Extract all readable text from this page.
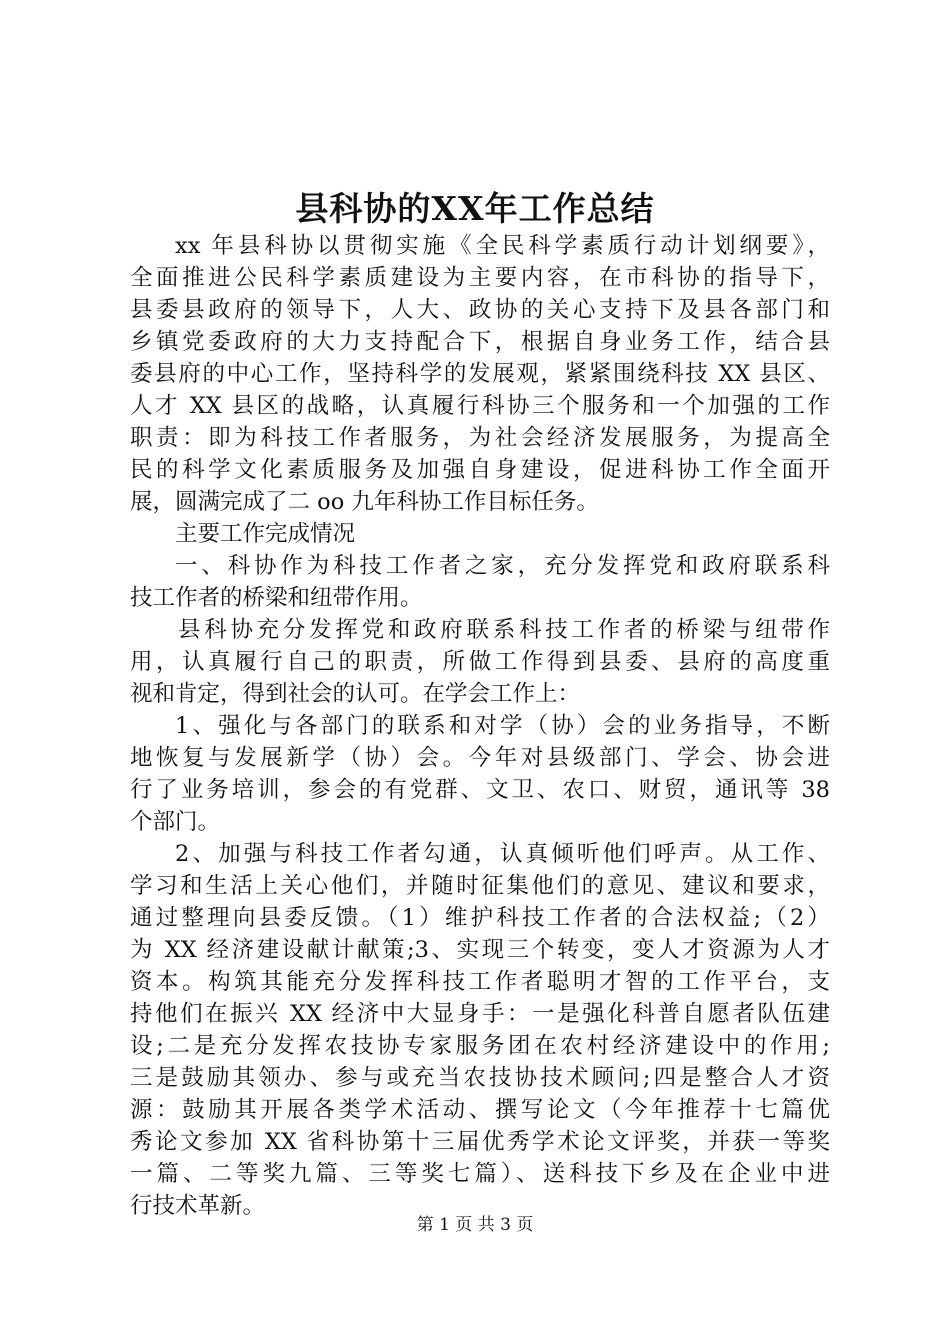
县科协的XX年工作总结
xx 年县科协以贯彻实施《全民科学素质行动计划纲要》，
全面推进公民科学素质建设为主要内容，在市科协的指导下，
县委县政府的领导下，人大、政协的关心支持下及县各部门和
乡镇党委政府的大力支持配合下，根据自身业务工作，结合县
委县府的中心工作，坚持科学的发展观，紧紧围绕科技 XX 县区、
人才 XX 县区的战略，认真履行科协三个服务和一个加强的工作
职责：即为科技工作者服务，为社会经济发展服务，为提高全
民的科学文化素质服务及加强自身建设，促进科协工作全面开
展，圆满完成了二 oo 九年科协工作目标任务。
主要工作完成情况
一、科协作为科技工作者之家，充分发挥党和政府联系科
技工作者的桥梁和纽带作用。
县科协充分发挥党和政府联系科技工作者的桥梁与纽带作
用，认真履行自己的职责，所做工作得到县委、县府的高度重
视和肯定，得到社会的认可。在学会工作上：
1、强化与各部门的联系和对学（协）会的业务指导，不断
地恢复与发展新学（协）会。今年对县级部门、学会、协会进
行了业务培训，参会的有党群、文卫、农口、财贸，通讯等 38
个部门。
2、加强与科技工作者勾通，认真倾听他们呼声。从工作、
学习和生活上关心他们，并随时征集他们的意见、建议和要求，
通过整理向县委反馈。（1）维护科技工作者的合法权益;（2）
为 XX 经济建设献计献策;3、实现三个转变，变人才资源为人才
资本。构筑其能充分发挥科技工作者聪明才智的工作平台，支
持他们在振兴 XX 经济中大显身手：一是强化科普自愿者队伍建
设;二是充分发挥农技协专家服务团在农村经济建设中的作用;
三是鼓励其领办、参与或充当农技协技术顾问;四是整合人才资
源：鼓励其开展各类学术活动、撰写论文（今年推荐十七篇优
秀论文参加 XX 省科协第十三届优秀学术论文评奖，并获一等奖
一篇、二等奖九篇、三等奖七篇）、送科技下乡及在企业中进
行技术革新。
第 1 页 共 3 页
